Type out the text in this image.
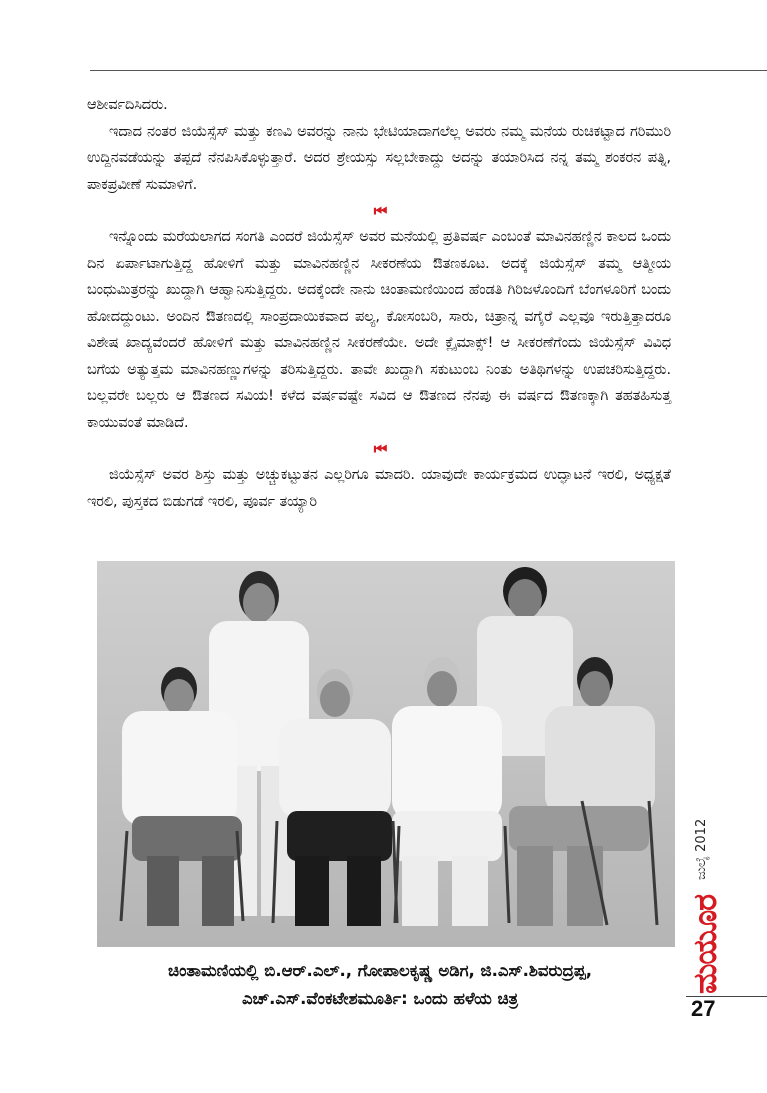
ಆಶೀರ್ವದಿಸಿದರು.

ಇದಾದ ನಂತರ ಜಿಯೆಸ್ಸೆಸ್ ಮತ್ತು ಕಣವಿ ಅವರನ್ನು ನಾನು ಭೇಟಿಯಾದಾಗಲೆಲ್ಲ ಅವರು ನಮ್ಮ ಮನೆಯ ರುಚಿಕಟ್ಟಾದ ಗರಿಮುರಿ ಉದ್ದಿನವಡೆಯನ್ನು ತಪ್ಪದೆ ನೆನಪಿಸಿಕೊಳ್ಳುತ್ತಾರೆ. ಅದರ ಶ್ರೇಯಸ್ಸು ಸಲ್ಲಬೇಕಾದ್ದು ಅದನ್ನು ತಯಾರಿಸಿದ ನನ್ನ ತಮ್ಮ ಶಂಕರನ ಪತ್ನಿ, ಪಾಕಪ್ರವೀಣೆ ಸುಮಾಳಿಗೆ.

⏮

ಇನ್ನೊಂದು ಮರೆಯಲಾಗದ ಸಂಗತಿ ಎಂದರೆ ಜಿಯೆಸ್ಸೆಸ್ ಅವರ ಮನೆಯಲ್ಲಿ ಪ್ರತಿವರ್ಷ ಎಂಬಂತೆ ಮಾವಿನಹಣ್ಣಿನ ಕಾಲದ ಒಂದು ದಿನ ಏರ್ಪಾಟಾಗುತ್ತಿದ್ದ ಹೋಳಿಗೆ ಮತ್ತು ಮಾವಿನಹಣ್ಣಿನ ಸೀಕರಣೆಯ ಔತಣಕೂಟ. ಅದಕ್ಕೆ ಜಿಯೆಸ್ಸೆಸ್ ತಮ್ಮ ಆತ್ಮೀಯ ಬಂಧುಮಿತ್ರರನ್ನು ಖುದ್ದಾಗಿ ಆಹ್ವಾನಿಸುತ್ತಿದ್ದರು. ಅದಕ್ಕೆಂದೇ ನಾನು ಚಿಂತಾಮಣಿಯಿಂದ ಹೆಂಡತಿ ಗಿರಿಜಳೊಂದಿಗೆ ಬೆಂಗಳೂರಿಗೆ ಬಂದು ಹೋದದ್ದುಂಟು. ಅಂದಿನ ಔತಣದಲ್ಲಿ ಸಾಂಪ್ರದಾಯಿಕವಾದ ಪಲ್ಯ, ಕೋಸಂಬರಿ, ಸಾರು, ಚಿತ್ರಾನ್ನ ವಗೈರೆ ಎಲ್ಲವೂ ಇರುತ್ತಿತ್ತಾದರೂ ವಿಶೇಷ ಖಾದ್ಯವೆಂದರೆ ಹೋಳಿಗೆ ಮತ್ತು ಮಾವಿನಹಣ್ಣಿನ ಸೀಕರಣೆಯೇ. ಅದೇ ಕ್ಲೈಮಾಕ್ಸ್! ಆ ಸೀಕರಣೆಗೆಂದು ಜಿಯೆಸ್ಸೆಸ್ ವಿವಿಧ ಬಗೆಯ ಅತ್ಯುತ್ತಮ ಮಾವಿನಹಣ್ಣುಗಳನ್ನು ತರಿಸುತ್ತಿದ್ದರು. ತಾವೇ ಖುದ್ದಾಗಿ ಸಕುಟುಂಬ ನಿಂತು ಅತಿಥಿಗಳನ್ನು ಉಪಚರಿಸುತ್ತಿದ್ದರು. ಬಲ್ಲವರೇ ಬಲ್ಲರು ಆ ಔತಣದ ಸವಿಯ! ಕಳೆದ ವರ್ಷವಷ್ಟೇ ಸವಿದ ಆ ಔತಣದ ನೆನಪು ಈ ವರ್ಷದ ಔತಣಕ್ಕಾಗಿ ತಹತಹಿಸುತ್ತ ಕಾಯುವಂತೆ ಮಾಡಿದೆ.

⏮

ಜಿಯೆಸ್ಸೆಸ್ ಅವರ ಶಿಸ್ತು ಮತ್ತು ಅಚ್ಚುಕಟ್ಟುತನ ಎಲ್ಲರಿಗೂ ಮಾದರಿ. ಯಾವುದೇ ಕಾರ್ಯಕ್ರಮದ ಉದ್ಘಾಟನೆ ಇರಲಿ, ಅಧ್ಯಕ್ಷತೆ ಇರಲಿ, ಪುಸ್ತಕದ ಬಿಡುಗಡೆ ಇರಲಿ, ಪೂರ್ವ ತಯ್ಯಾರಿ

ಚಿಂತಾಮಣಿಯಲ್ಲಿ ಬಿ.ಆರ್.ಎಲ್., ಗೋಪಾಲಕೃಷ್ಣ ಅಡಿಗ, ಜಿ.ಎಸ್.ಶಿವರುದ್ರಪ್ಪ,
ಎಚ್.ಎಸ್.ವೆಂಕಟೇಶಮೂರ್ತಿ: ಒಂದು ಹಳೆಯ ಚಿತ್ರ
ಜುಲೈ 2012
ಮಯೂರ
27
